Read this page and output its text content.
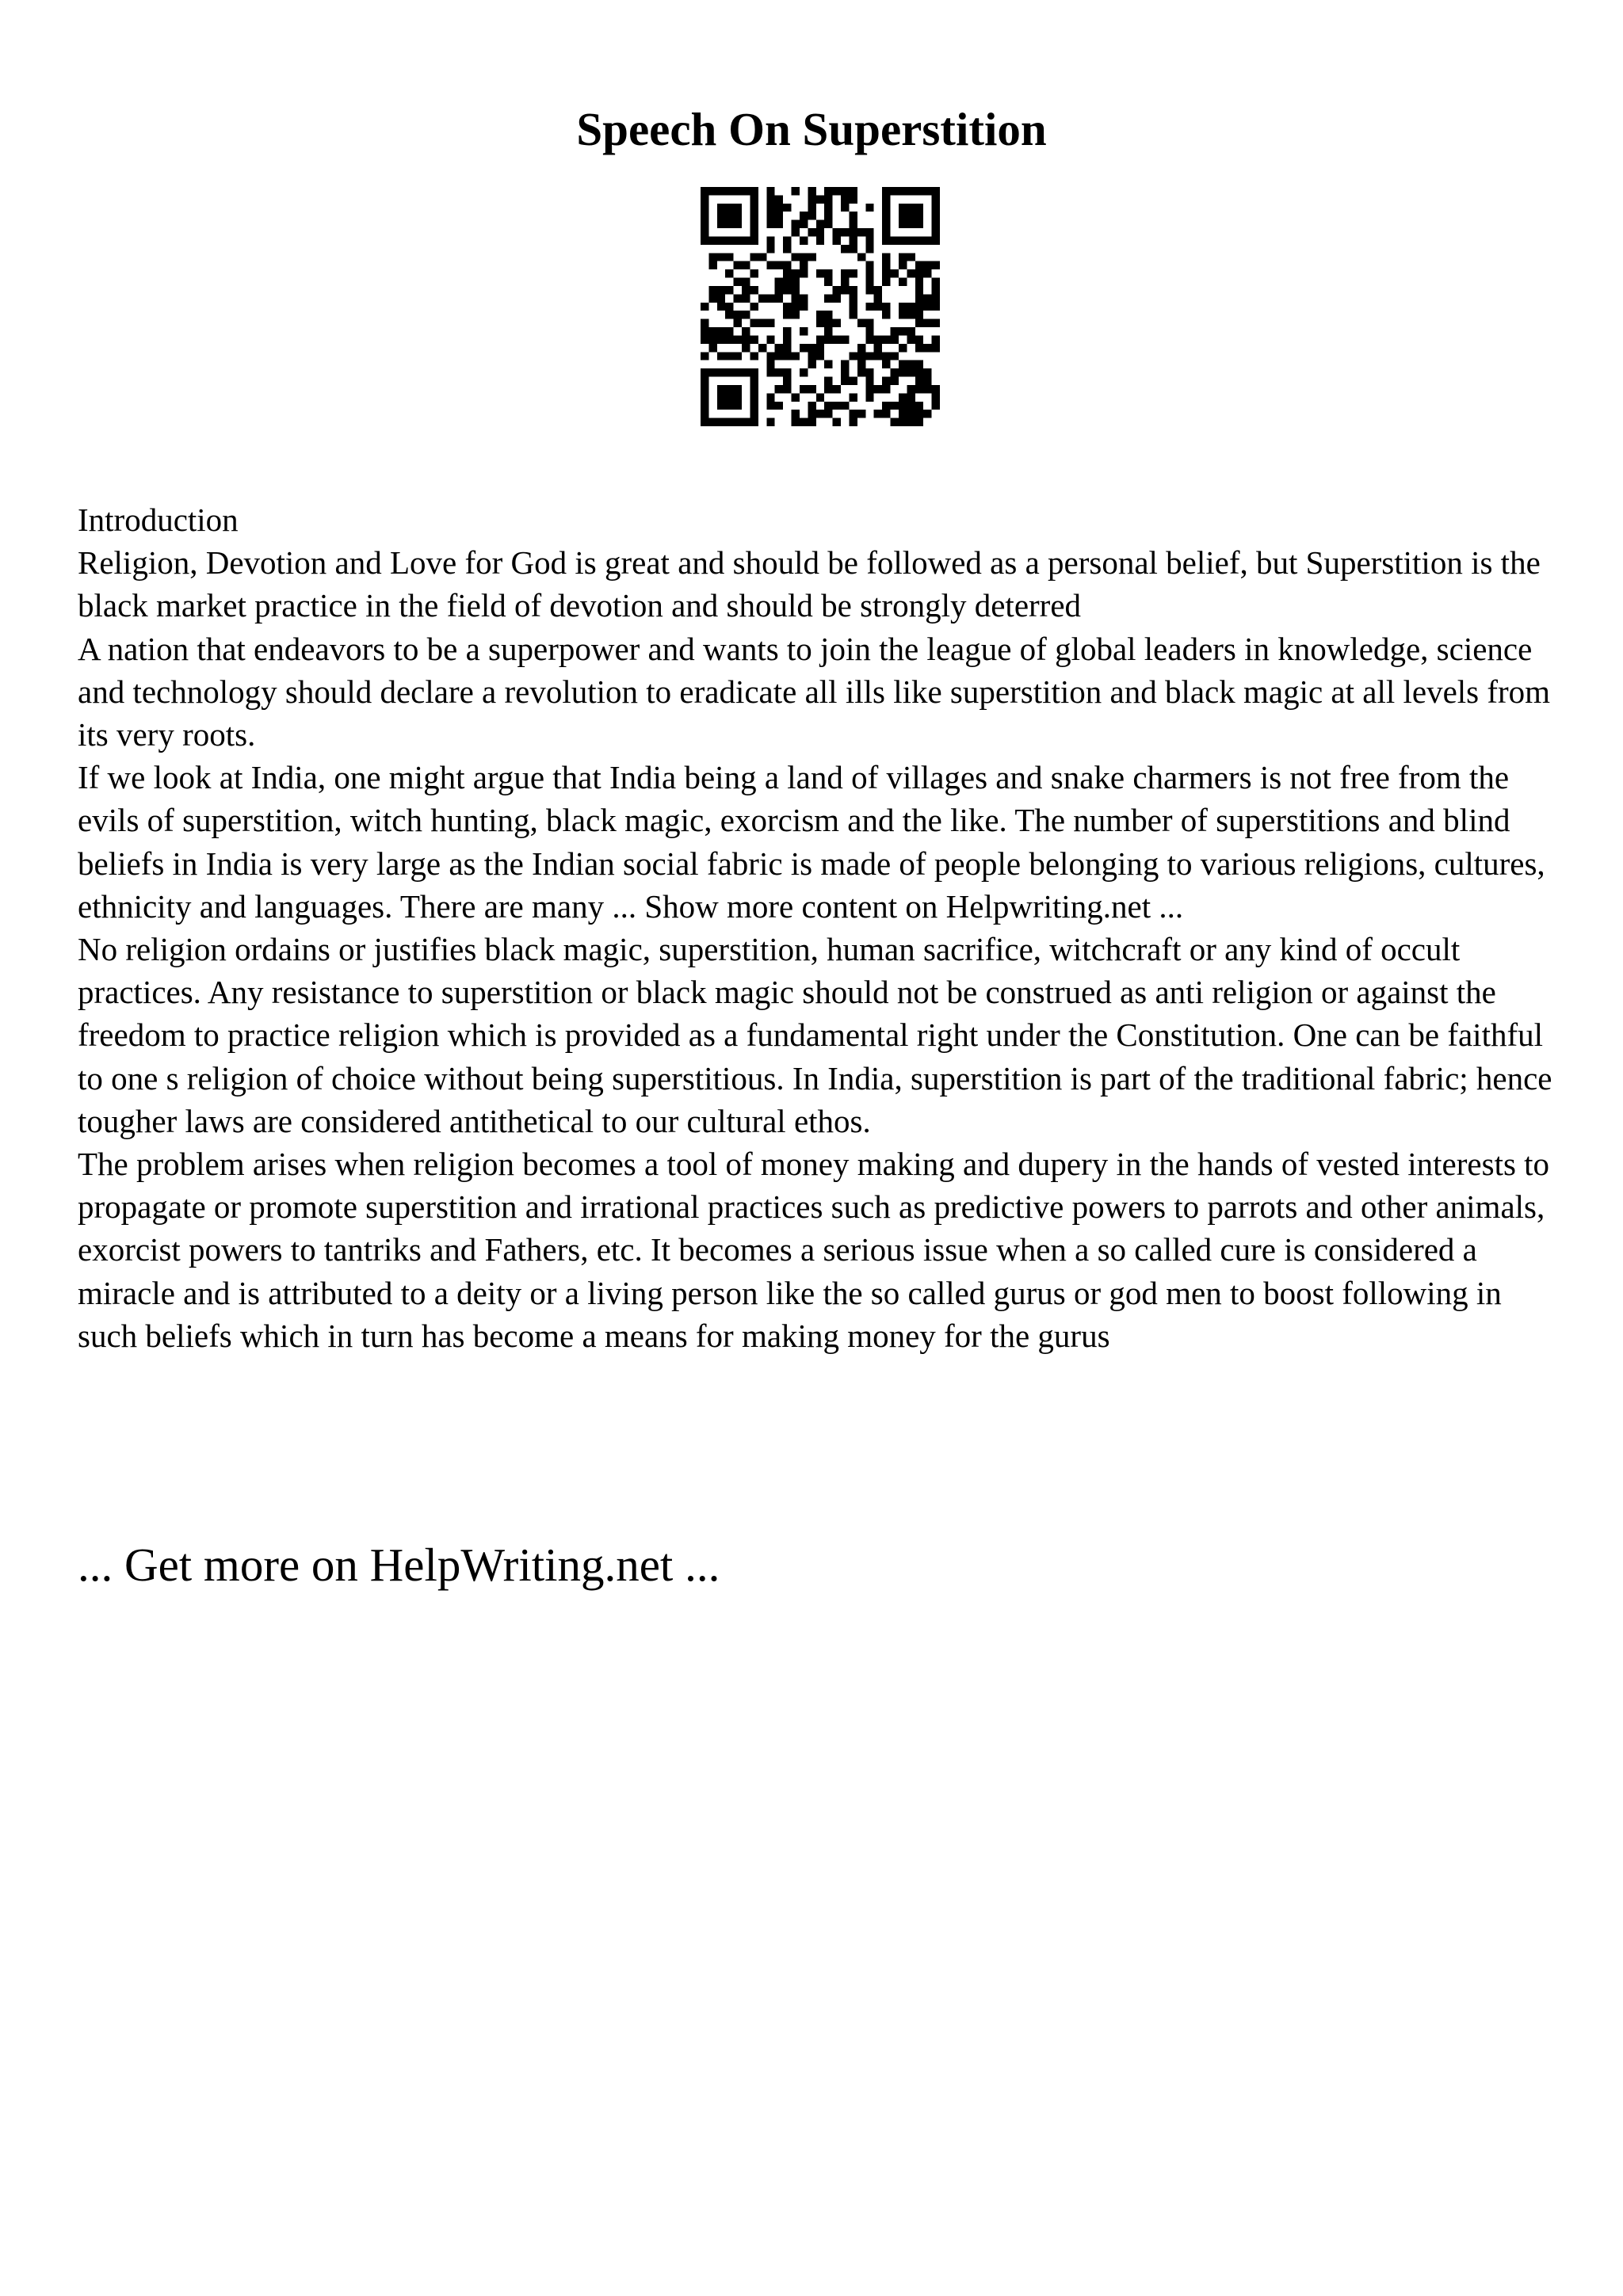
Speech On Superstition

Introduction

Religion, Devotion and Love for God is great and should be followed as a personal belief, but Superstition is the black market practice in the field of devotion and should be strongly deterred

A nation that endeavors to be a superpower and wants to join the league of global leaders in knowledge, science and technology should declare a revolution to eradicate all ills like superstition and black magic at all levels from its very roots.

If we look at India, one might argue that India being a land of villages and snake charmers is not free from the evils of superstition, witch hunting, black magic, exorcism and the like. The number of superstitions and blind beliefs in India is very large as the Indian social fabric is made of people belonging to various religions, cultures, ethnicity and languages. There are many ... Show more content on Helpwriting.net ...

No religion ordains or justifies black magic, superstition, human sacrifice, witchcraft or any kind of occult practices. Any resistance to superstition or black magic should not be construed as anti religion or against the freedom to practice religion which is provided as a fundamental right under the Constitution. One can be faithful to one s religion of choice without being superstitious. In India, superstition is part of the traditional fabric; hence tougher laws are considered antithetical to our cultural ethos.

The problem arises when religion becomes a tool of money making and dupery in the hands of vested interests to propagate or promote superstition and irrational practices such as predictive powers to parrots and other animals, exorcist powers to tantriks and Fathers, etc. It becomes a serious issue when a so called cure is considered a miracle and is attributed to a deity or a living person like the so called gurus or god men to boost following in such beliefs which in turn has become a means for making money for the gurus

... Get more on HelpWriting.net ...
